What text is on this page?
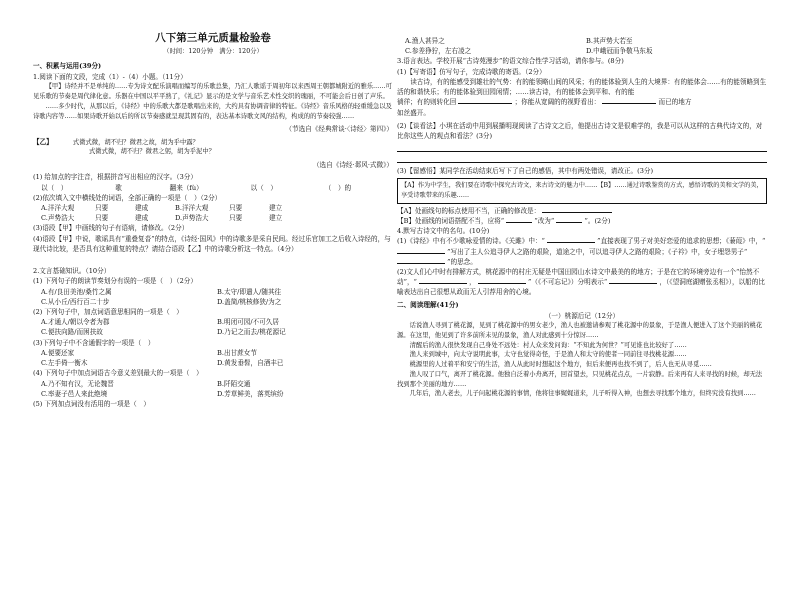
八下第三单元质量检验卷

（时间：120分钟　满分：120分）

一、积累与运用(39分)

1.阅读下面的文段，完成（1）-（4）小题。（11分）

【甲】诗经并不是单纯的……专为诗文配乐演唱而编写的乐歌总集，乃汇人歌谣于周初年以来西周王朝都城附近的雅乐……可见乐歌的节奏是周代律化意。乐器在中国以平平熟了，《礼记》显示的是文学与音乐艺术性交织的瑰丽，不可能会后日创了声乐。

……多少时代，从那以后，《诗经》中的乐歌大都是歌唱出来的，大约具有协调音律的特征。《诗经》音乐风格的轻重缓急以及诗歌内容等……如果诗歌开始以后的所以节奏感就呈现其固有的，表达基本诗歌文风的结构，构成的的节奏较强……

（节选自《经典常谈·〈诗经〉第四》）

【乙】	式微式微，胡不归？微君之故，胡为乎中露？

式微式微，胡不归？微君之躬，胡为乎泥中？

（选自《诗经·邶风·式微》）

(1) 给加点的字注音，根据拼音写出相应的汉字。（3分）

以（　）	歌	翻来（fù）	以（　）	（　）的

(2)依次填入文中横线处的词语，全部正确的一项是（　）（2分）

A.洋洋大观	只要	建成	B.洋洋大观	只要	建立
C.声势浩大	只要	建成	D.声势浩大	只要	建立

(3)语段【甲】中画线的句子有语病，请修改。（2分）

(4)语段【甲】中说，歌谣具有“重叠复沓”的特点，《诗经·国风》中的诗歌多是采自民间。经过乐官加工之后收入诗经的，与现代诗比较，是否具有这种重复的特点？请结合语段【乙】中的诗歌分析这一特点。（4分）

2.文言基础知识。（10分）

(1) 下列句子的朗读节奏划分有误的一项是（　）（2分）

A.有/良田美池/桑竹之属	B.太守/即遣人/随其往
C.从小丘/西行百二十步	D.盖简/桃核修狭/为之

(2) 下列句子中，加点词语意思相同的一项是（　）

A.才通人/朝以令者为郡	B.明闭可园/不可久居
C.便扶向路/而困扶故	D.乃记之而去/桃花源记

(3)下列句子中不含通假字的一项是（　）

A.便要还家	B.出甘蔗女节
C.左手倚一衡木	D.黄发垂髫，自酒丰已

(4) 下列句子中加点词语古今意义差别最大的一项是（　）

A.乃不知有汉，无论魏晋	B.阡陌交通
C.率妻子邑人来此绝境	D.芳草鲜美，落英缤纷

(5) 下列加点词没有活用的一项是（　）

A.渔人甚异之	B.其声势大若至
C.参差狰狞，左右凌之	D.中峨冠而争敬马东坂

3.语言表达。学校开展“古诗苑漫步”的语文综合性学习活动，请你参与。(8分)

(1)【写寄语】仿写句子，完成诗歌的寄语。（2分）

读古诗，有的能感受到雄壮的气势：有的能领略山间的风采；有的能体验到人生的大境界：有的能体会……有的能领略到生活的和谐快乐；有的能体验到田园闲情；……读古诗，有的能体会到平和、有的能

徜徉；有的则转化回	；你能从宽阔的的视野看出：	而已的地方

如丝盛开。

(2)【谈看法】小琪在活动中用到展播明现阅读了古诗文之后，他提出古诗文是很难学的，我是可以从这样的古典代诗文的，对比你这些人的观点和看法？(3分)

(3)【留感悟】某同学在活动结束后写下了自己的感悟，其中有两处错误，请改正。(3分)

【A】作为中学生，我们要在诗歌中探究古诗文，来古诗文的魅力中……【B】……通过诗歌鉴赏的方式，感悟诗歌的美和文学的美，享受诗歌带来的乐趣……

【A】处画线句的标点使用不当，正确的修改是：

【B】处画线的词语搭配不当，应将“	”改为“	”。(2分)

4.默写古诗文中的名句。(10分)

(1)《诗经》中有不少歌咏爱情的诗。《关雎》中：“	”直接表现了男子对美好恋爱的追求的思想；《蒹葭》中，“  ”写出了主人公追寻伊人之路的艰险，道途之中，可以追寻伊人之路的艰险；《子衿》中，女子埋怨男子“  ”的思念。

(2)文人们心中时有排解方式，桃花源中的村庄无疑是中国田园山水诗文中最美的的地方；于是在它的环境旁边有一个“怡然不动”，“	，	”（《不可忘记》）分明表示“	，（《望洞庭湖赠张丞相》），以船的比喻表达出自己很想从政而无人引荐用舍的心境。

二、阅读理解(41分)

（一）桃源后记（12分）

话说渔人寻到了桃花源，见到了桃花源中的男女老少，渔人也被邀请参观了桃花源中的景象，于是渔人便进入了这个美丽的桃花源。在这里，他见到了许多前所未见的景象，渔人对此感到十分惊讶……

清醒后的渔人很快发现自己身处不远处：村人众来发问询：“不知此为何世？”可见谁也比较好了……

渔人来到城中，向太守说明此事，太守也觉得奇怪，于是渔人和太守的使者一同前往寻找桃花源……

桃源里的人过着平和安宁的生活，渔人从此时时想起这个地方，但后来便再也找不到了，后人也无从寻觅……

渔人叹了口气，离开了桃花源。他独自泛着小舟离开，回首望去，只见桃花点点，一片寂静。后来再有人来寻找的时候，却无法找到那个美丽的地方……

几年后，渔人老去，儿子问起桃花源的事情，他将往事娓娓道来，儿子听得入神，也想去寻找那个地方，但终究没有找到……
